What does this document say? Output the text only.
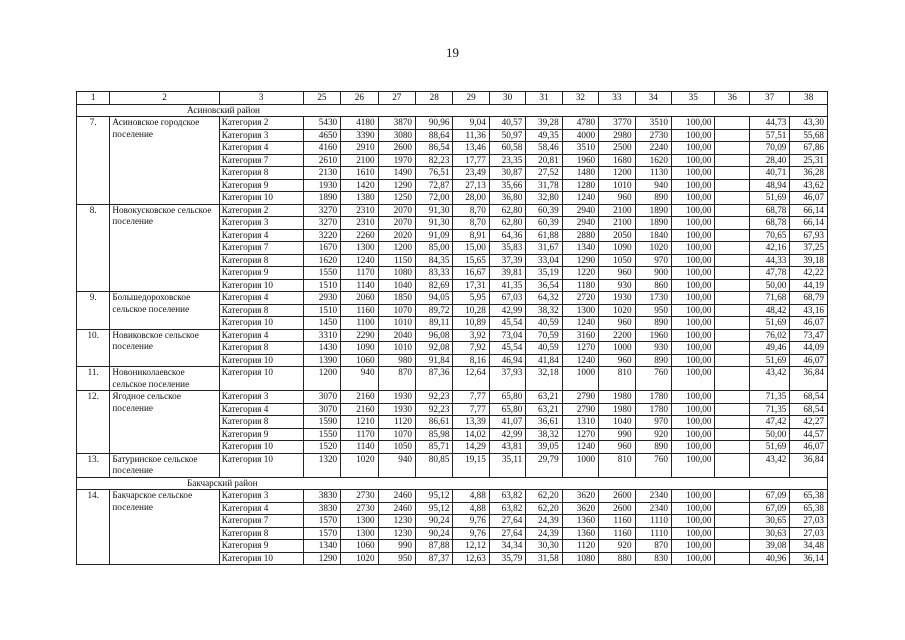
19
1	2	3	25	26	27	28	29	30	31	32	33	34	35	36	37	38
Асиновский район																
7.	Асиновское городское поселение	Категория 2	5430	4180	3870	90,96	9,04	40,57	39,28	4780	3770	3510	100,00		44,73	43,30
		Категория 3	4650	3390	3080	88,64	11,36	50,97	49,35	4000	2980	2730	100,00		57,51	55,68
		Категория 4	4160	2910	2600	86,54	13,46	60,58	58,46	3510	2500	2240	100,00		70,09	67,86
		Категория 7	2610	2100	1970	82,23	17,77	23,35	20,81	1960	1680	1620	100,00		28,40	25,31
		Категория 8	2130	1610	1490	76,51	23,49	30,87	27,52	1480	1200	1130	100,00		40,71	36,28
		Категория 9	1930	1420	1290	72,87	27,13	35,66	31,78	1280	1010	940	100,00		48,94	43,62
		Категория 10	1890	1380	1250	72,00	28,00	36,80	32,80	1240	960	890	100,00		51,69	46,07
8.	Новокусковское сельское поселение	Категория 2	3270	2310	2070	91,30	8,70	62,80	60,39	2940	2100	1890	100,00		68,78	66,14
		Категория 3	3270	2310	2070	91,30	8,70	62,80	60,39	2940	2100	1890	100,00		68,78	66,14
		Категория 4	3220	2260	2020	91,09	8,91	64,36	61,88	2880	2050	1840	100,00		70,65	67,93
		Категория 7	1670	1300	1200	85,00	15,00	35,83	31,67	1340	1090	1020	100,00		42,16	37,25
		Категория 8	1620	1240	1150	84,35	15,65	37,39	33,04	1290	1050	970	100,00		44,33	39,18
		Категория 9	1550	1170	1080	83,33	16,67	39,81	35,19	1220	960	900	100,00		47,78	42,22
		Категория 10	1510	1140	1040	82,69	17,31	41,35	36,54	1180	930	860	100,00		50,00	44,19
9.	Большедороховское сельское поселение	Категория 4	2930	2060	1850	94,05	5,95	67,03	64,32	2720	1930	1730	100,00		71,68	68,79
		Категория 8	1510	1160	1070	89,72	10,28	42,99	38,32	1300	1020	950	100,00		48,42	43,16
		Категория 10	1450	1100	1010	89,11	10,89	45,54	40,59	1240	960	890	100,00		51,69	46,07
10.	Новиковское сельское поселение	Категория 4	3310	2290	2040	96,08	3,92	73,04	70,59	3160	2200	1960	100,00		76,02	73,47
		Категория 8	1430	1090	1010	92,08	7,92	45,54	40,59	1270	1000	930	100,00		49,46	44,09
		Категория 10	1390	1060	980	91,84	8,16	46,94	41,84	1240	960	890	100,00		51,69	46,07
11.	Новониколаевское сельское поселение	Категория 10	1200	940	870	87,36	12,64	37,93	32,18	1000	810	760	100,00		43,42	36,84
12.	Ягодное сельское поселение	Категория 3	3070	2160	1930	92,23	7,77	65,80	63,21	2790	1980	1780	100,00		71,35	68,54
		Категория 4	3070	2160	1930	92,23	7,77	65,80	63,21	2790	1980	1780	100,00		71,35	68,54
		Категория 8	1590	1210	1120	86,61	13,39	41,07	36,61	1310	1040	970	100,00		47,42	42,27
		Категория 9	1550	1170	1070	85,98	14,02	42,99	38,32	1270	990	920	100,00		50,00	44,57
		Категория 10	1520	1140	1050	85,71	14,29	43,81	39,05	1240	960	890	100,00		51,69	46,07
13.	Батуринское сельское поселение	Категория 10	1320	1020	940	80,85	19,15	35,11	29,79	1000	810	760	100,00		43,42	36,84
Бакчарский район																
14.	Бакчарское сельское поселение	Категория 3	3830	2730	2460	95,12	4,88	63,82	62,20	3620	2600	2340	100,00		67,09	65,38
		Категория 4	3830	2730	2460	95,12	4,88	63,82	62,20	3620	2600	2340	100,00		67,09	65,38
		Категория 7	1570	1300	1230	90,24	9,76	27,64	24,39	1360	1160	1110	100,00		30,65	27,03
		Категория 8	1570	1300	1230	90,24	9,76	27,64	24,39	1360	1160	1110	100,00		30,63	27,03
		Категория 9	1340	1060	990	87,88	12,12	34,34	30,30	1120	920	870	100,00		39,08	34,48
		Категория 10	1290	1020	950	87,37	12,63	35,79	31,58	1080	880	830	100,00		40,96	36,14
